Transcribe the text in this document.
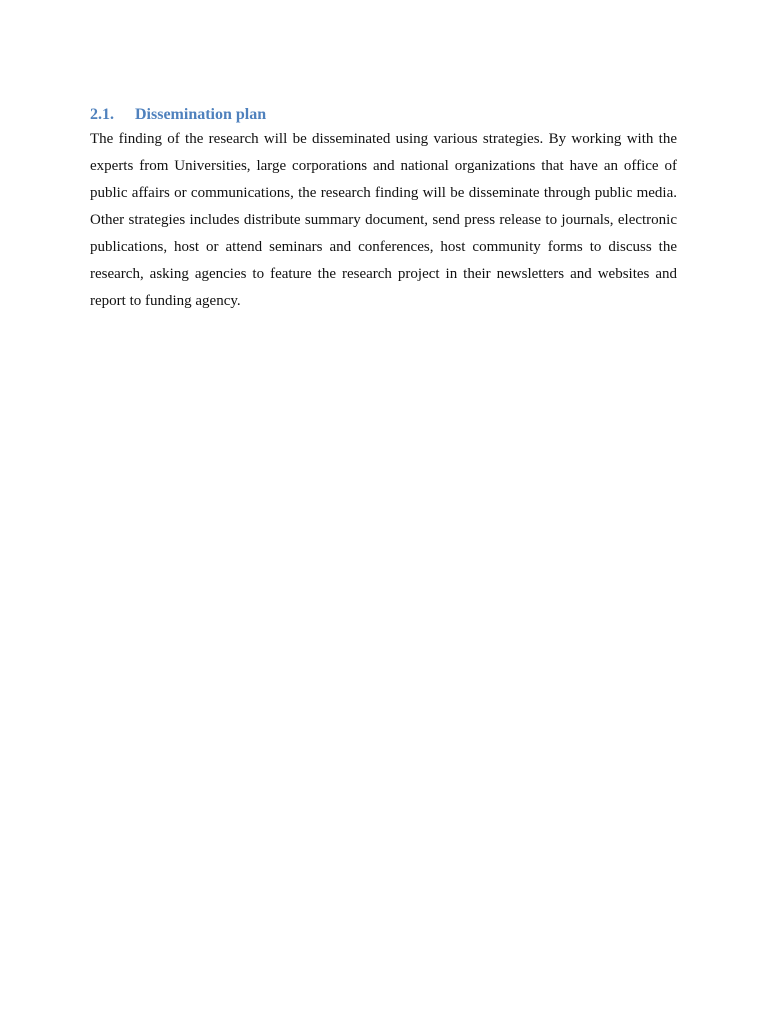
2.1.	Dissemination plan

The finding of the research will be disseminated using various strategies. By working with the experts from Universities, large corporations and national organizations that have an office of public affairs or communications, the research finding will be disseminate through public media. Other strategies includes distribute summary document, send press release to journals, electronic publications, host or attend seminars and conferences, host community forms to discuss the research, asking agencies to feature the research project in their newsletters and websites and report to funding agency.
